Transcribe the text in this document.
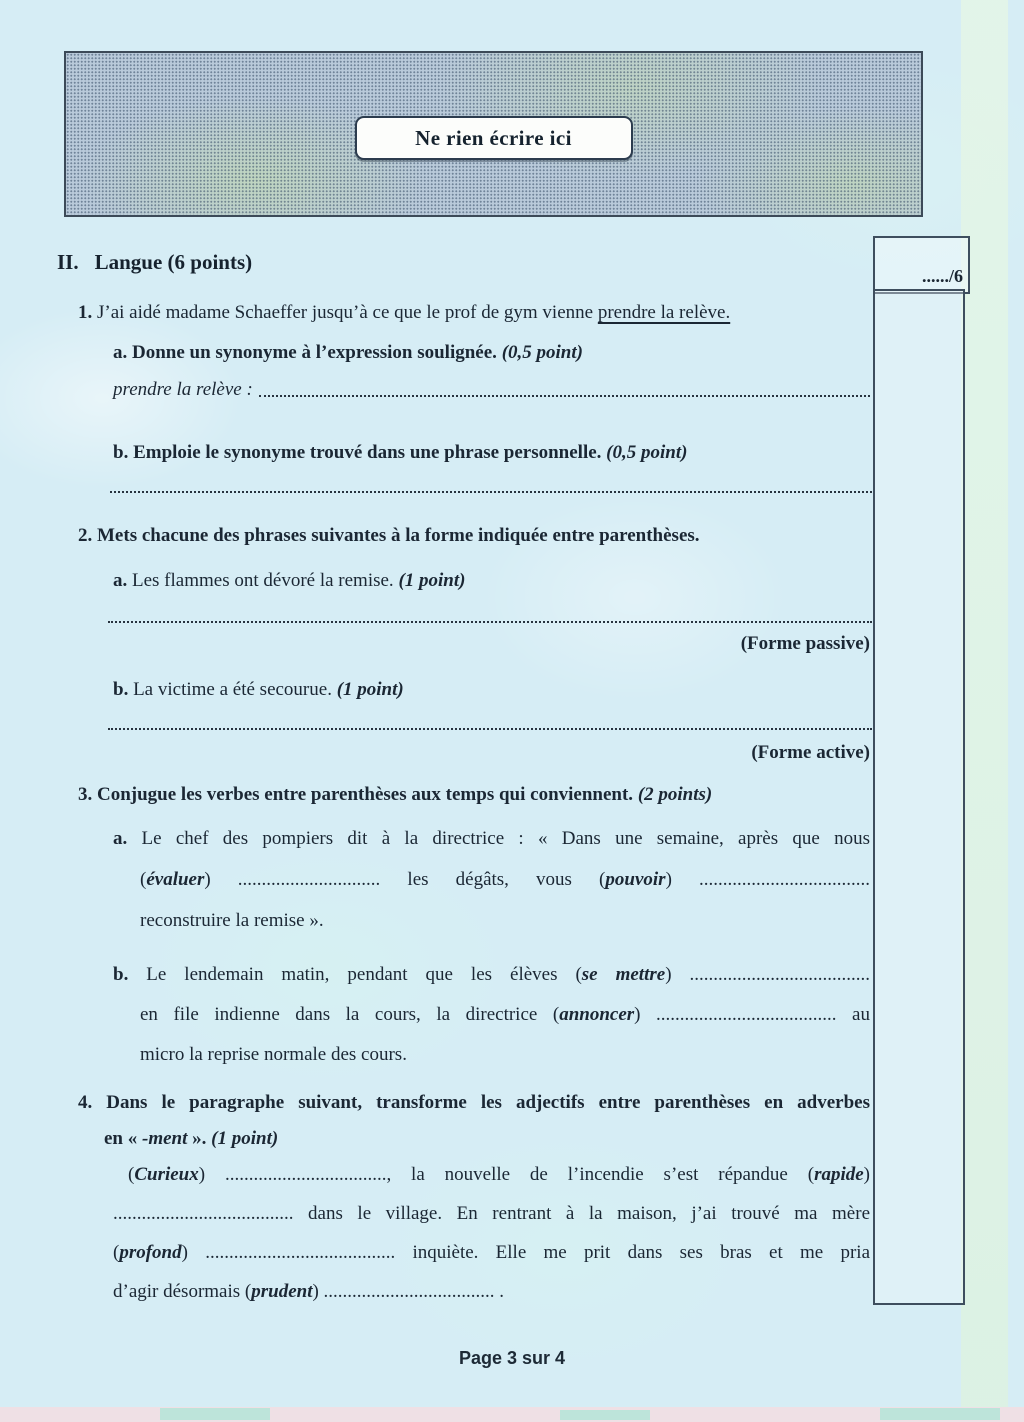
Ne rien écrire ici
....../6
II. Langue (6 points)
1. J’ai aidé madame Schaeffer jusqu’à ce que le prof de gym vienne prendre la relève.
a. Donne un synonyme à l’expression soulignée. (0,5 point)
prendre la relève :
b. Emploie le synonyme trouvé dans une phrase personnelle. (0,5 point)
2. Mets chacune des phrases suivantes à la forme indiquée entre parenthèses.
a. Les flammes ont dévoré la remise. (1 point)
(Forme passive)
b. La victime a été secourue. (1 point)
(Forme active)
3. Conjugue les verbes entre parenthèses aux temps qui conviennent. (2 points)
a. Le chef des pompiers dit à la directrice : « Dans une semaine, après que nous
(évaluer) .............................. les dégâts, vous (pouvoir) ....................................
reconstruire la remise ».
b. Le lendemain matin, pendant que les élèves (se mettre) ......................................
en file indienne dans la cours, la directrice (annoncer) ...................................... au
micro la reprise normale des cours.
4. Dans le paragraphe suivant, transforme les adjectifs entre parenthèses en adverbes
en « -ment ». (1 point)
(Curieux) .................................., la nouvelle de l’incendie s’est répandue (rapide)
...................................... dans le village. En rentrant à la maison, j’ai trouvé ma mère
(profond) ........................................ inquiète. Elle me prit dans ses bras et me pria
d’agir désormais (prudent) .................................... .
Page 3 sur 4
